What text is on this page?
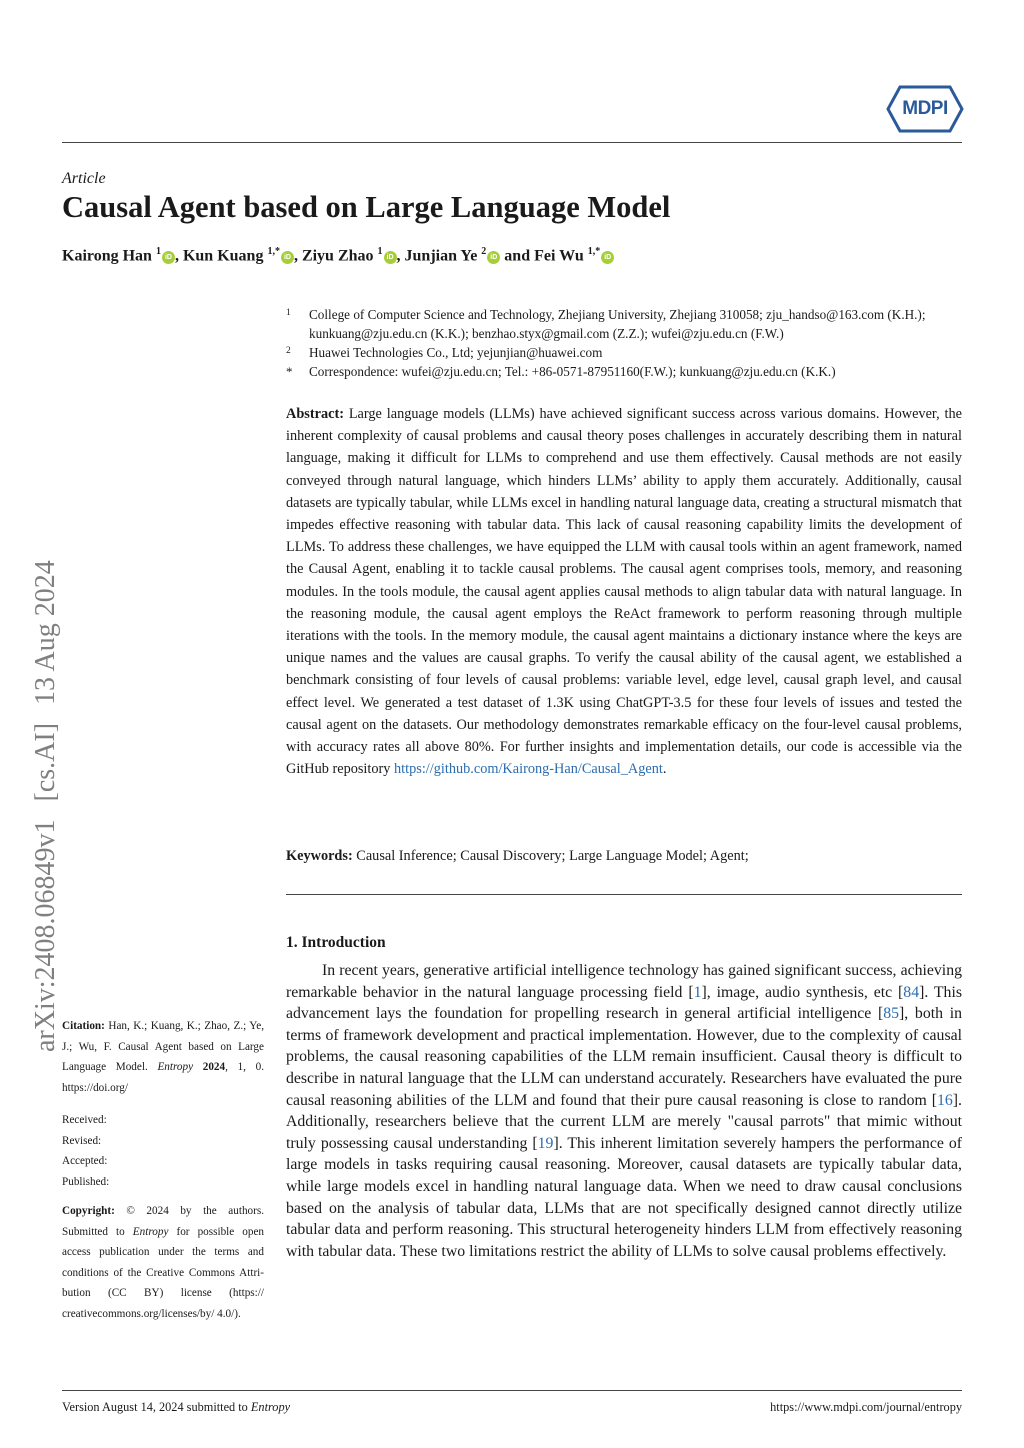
MDPI
Article
Causal Agent based on Large Language Model
Kairong Han $^1$iD , Kun Kuang $^{1,*}$iD , Ziyu Zhao $^1$iD , Junjian Ye $^2$iD and Fei Wu $^{1,*}$iD
1 College of Computer Science and Technology, Zhejiang University, Zhejiang 310058; zju_handso@163.com (K.H.); kunkuang@zju.edu.cn (K.K.); benzhao.styx@gmail.com (Z.Z.); wufei@zju.edu.cn (F.W.)
2 Huawei Technologies Co., Ltd; yejunjian@huawei.com
* Correspondence: wufei@zju.edu.cn; Tel.: +86-0571-87951160(F.W.); kunkuang@zju.edu.cn (K.K.)

Abstract: Large language models (LLMs) have achieved significant success across various domains. However, the inherent complexity of causal problems and causal theory poses challenges in accurately describing them in natural language, making it difficult for LLMs to comprehend and use them effectively. Causal methods are not easily conveyed through natural language, which hinders LLMs’ ability to apply them accurately. Additionally, causal datasets are typically tabular, while LLMs excel in handling natural language data, creating a structural mismatch that impedes effective reasoning with tabular data. This lack of causal reasoning capability limits the development of LLMs. To address these challenges, we have equipped the LLM with causal tools within an agent framework, named the Causal Agent, enabling it to tackle causal problems. The causal agent comprises tools, memory, and reasoning modules. In the tools module, the causal agent applies causal methods to align tabular data with natural language. In the reasoning module, the causal agent employs the ReAct framework to perform reasoning through multiple iterations with the tools. In the memory module, the causal agent maintains a dictionary instance where the keys are unique names and the values are causal graphs. To verify the causal ability of the causal agent, we established a benchmark consisting of four levels of causal problems: variable level, edge level, causal graph level, and causal effect level. We generated a test dataset of 1.3K using ChatGPT-3.5 for these four levels of issues and tested the causal agent on the datasets. Our methodology demonstrates remarkable efficacy on the four-level causal problems, with accuracy rates all above 80%. For further insights and implementation details, our code is accessible via the GitHub repository https://github.com/Kairong-Han/Causal_Agent.

Keywords: Causal Inference; Causal Discovery; Large Language Model; Agent;
1. Introduction

In recent years, generative artificial intelligence technology has gained significant success, achieving remarkable behavior in the natural language processing field [1], image, audio synthesis, etc [84]. This advancement lays the foundation for propelling research in general artificial intelligence [85], both in terms of framework development and practical implementation. However, due to the complexity of causal problems, the causal reasoning capabilities of the LLM remain insufficient. Causal theory is difficult to describe in natural language that the LLM can understand accurately. Researchers have evaluated the pure causal reasoning abilities of the LLM and found that their pure causal reasoning is close to random [16]. Additionally, researchers believe that the current LLM are merely "causal parrots" that mimic without truly possessing causal understanding [19]. This inherent limitation severely hampers the performance of large models in tasks requiring causal reasoning. Moreover, causal datasets are typically tabular data, while large models excel in handling natural language data. When we need to draw causal conclusions based on the analysis of tabular data, LLMs that are not specifically designed cannot directly utilize tabular data and perform reasoning. This structural heterogeneity hinders LLM from effectively reasoning with tabular data. These two limitations restrict the ability of LLMs to solve causal problems effectively.

arXiv:2408.06849v1[cs.AI]13 Aug 2024

Citation: Han, K.; Kuang, K.; Zhao, Z.; Ye, J.; Wu, F. Causal Agent based on Large Language Model. Entropy 2024, 1, 0. https://doi.org/

Received:
Revised:
Accepted:
Published:

Copyright: © 2024 by the authors. Submitted to Entropy for possible open access publication under the terms and conditions of the Creative Commons Attri- bution (CC BY) license (https:// creativecommons.org/licenses/by/ 4.0/).

Version August 14, 2024 submitted to Entropy	https://www.mdpi.com/journal/entropy
